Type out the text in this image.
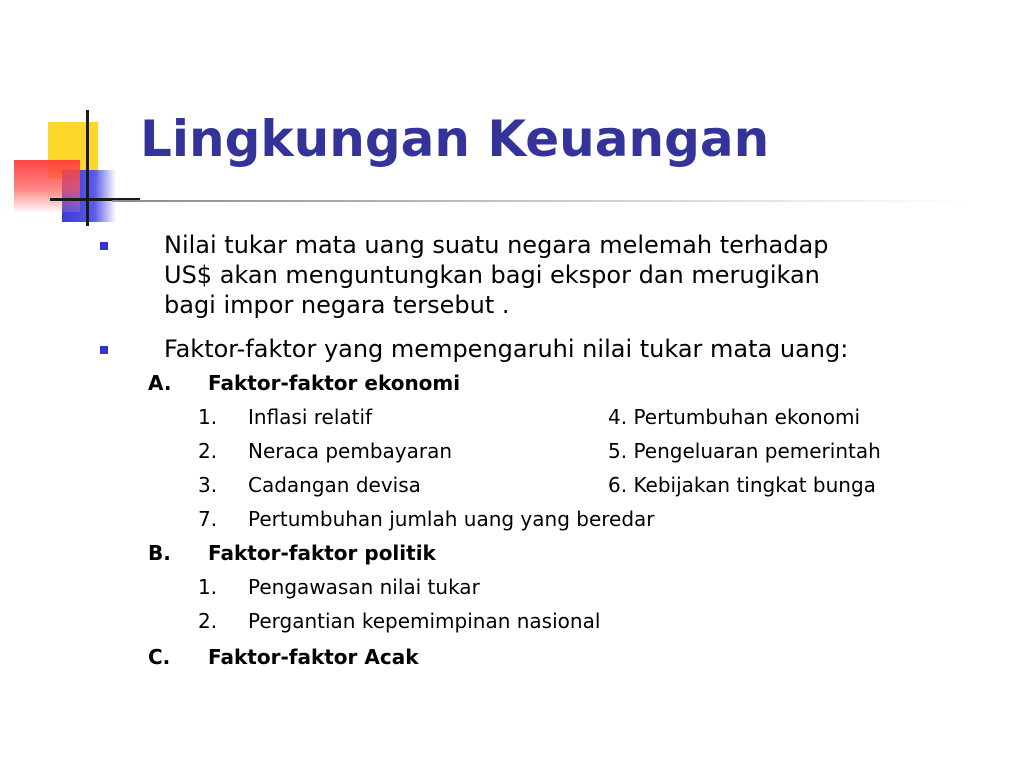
Lingkungan Keuangan
Nilai tukar mata uang suatu negara melemah terhadap
US$ akan menguntungkan bagi ekspor dan merugikan
bagi impor negara tersebut .
Faktor-faktor yang mempengaruhi nilai tukar mata uang:
A. Faktor-faktor ekonomi
1. Inflasi relatif	4. Pertumbuhan ekonomi
2. Neraca pembayaran	5. Pengeluaran pemerintah
3. Cadangan devisa	6. Kebijakan tingkat bunga
7. Pertumbuhan jumlah uang yang beredar
B. Faktor-faktor politik
1. Pengawasan nilai tukar
2. Pergantian kepemimpinan nasional
C. Faktor-faktor Acak
